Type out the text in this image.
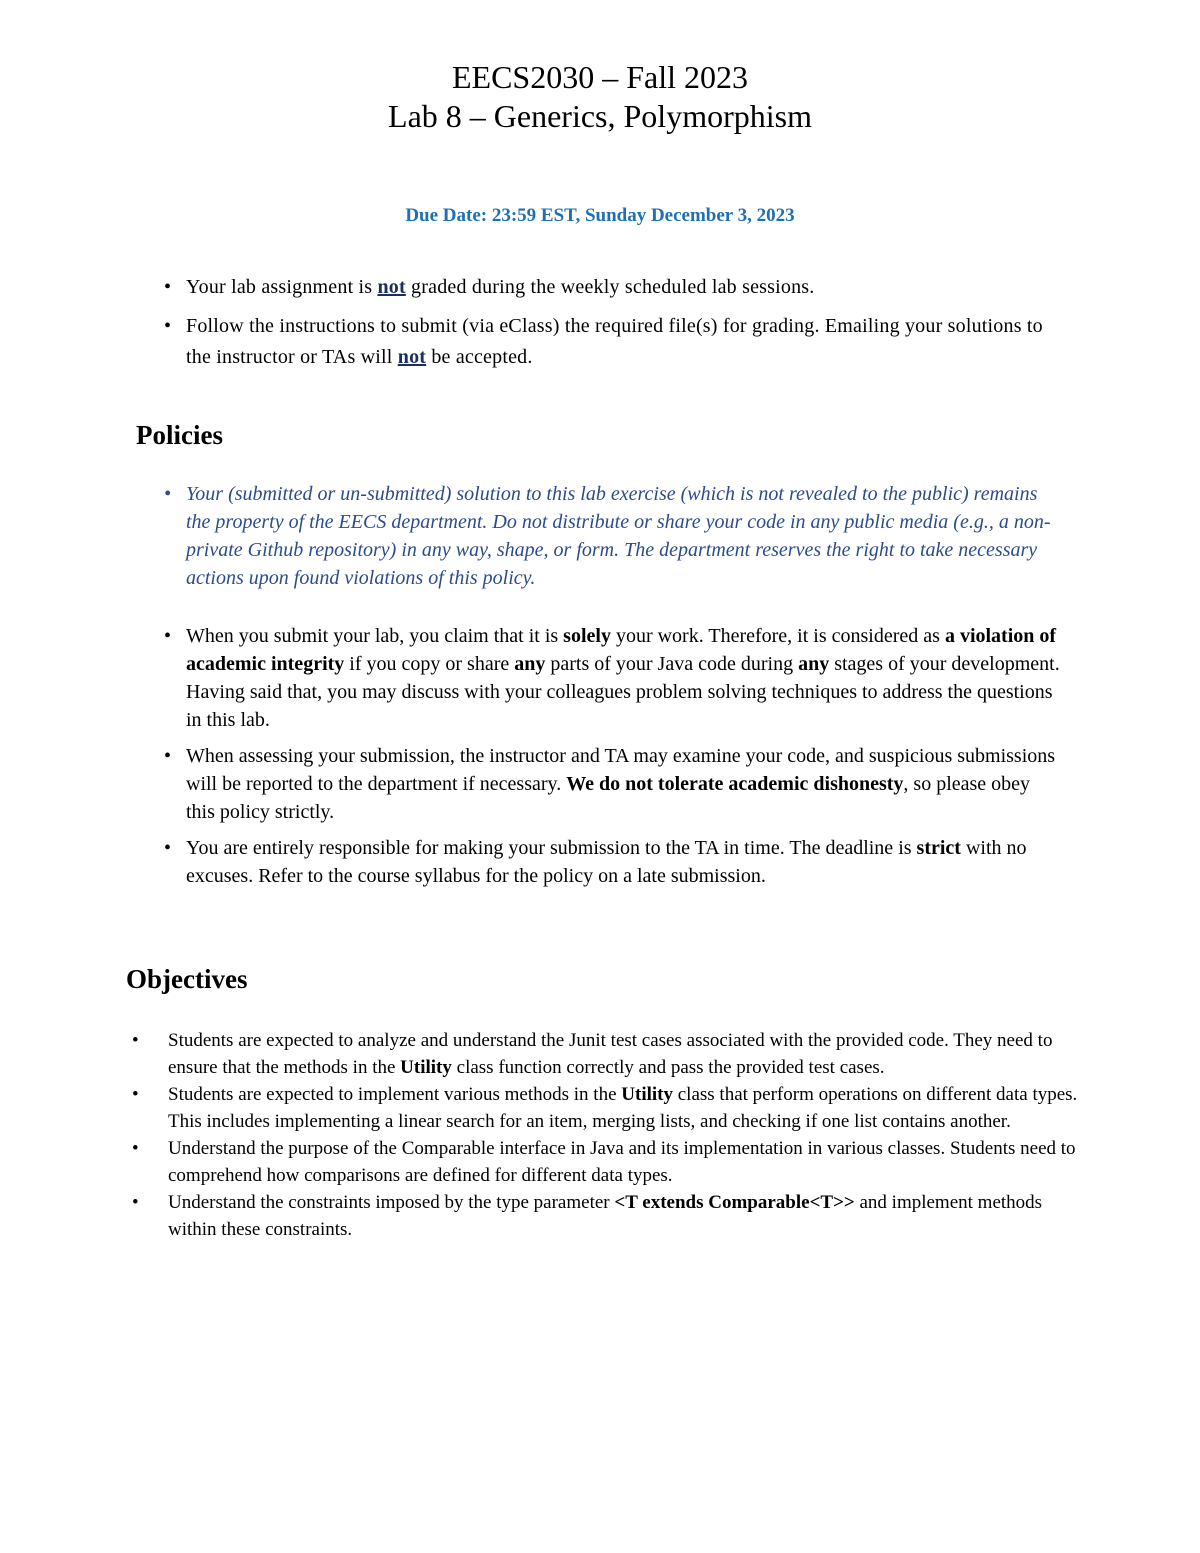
EECS2030 – Fall 2023
Lab 8 – Generics, Polymorphism
Due Date: 23:59 EST, Sunday December 3, 2023
• Your lab assignment is not graded during the weekly scheduled lab sessions.
• Follow the instructions to submit (via eClass) the required file(s) for grading. Emailing your solutions to the instructor or TAs will not be accepted.
Policies
• Your (submitted or un-submitted) solution to this lab exercise (which is not revealed to the public) remains the property of the EECS department. Do not distribute or share your code in any public media (e.g., a non-private Github repository) in any way, shape, or form. The department reserves the right to take necessary actions upon found violations of this policy.
• When you submit your lab, you claim that it is solely your work. Therefore, it is considered as a violation of academic integrity if you copy or share any parts of your Java code during any stages of your development. Having said that, you may discuss with your colleagues problem solving techniques to address the questions in this lab.
• When assessing your submission, the instructor and TA may examine your code, and suspicious submissions will be reported to the department if necessary. We do not tolerate academic dishonesty, so please obey this policy strictly.
• You are entirely responsible for making your submission to the TA in time. The deadline is strict with no excuses. Refer to the course syllabus for the policy on a late submission.
Objectives
• Students are expected to analyze and understand the Junit test cases associated with the provided code. They need to ensure that the methods in the Utility class function correctly and pass the provided test cases.
• Students are expected to implement various methods in the Utility class that perform operations on different data types. This includes implementing a linear search for an item, merging lists, and checking if one list contains another.
• Understand the purpose of the Comparable interface in Java and its implementation in various classes. Students need to comprehend how comparisons are defined for different data types.
• Understand the constraints imposed by the type parameter <T extends Comparable<T>> and implement methods within these constraints.
